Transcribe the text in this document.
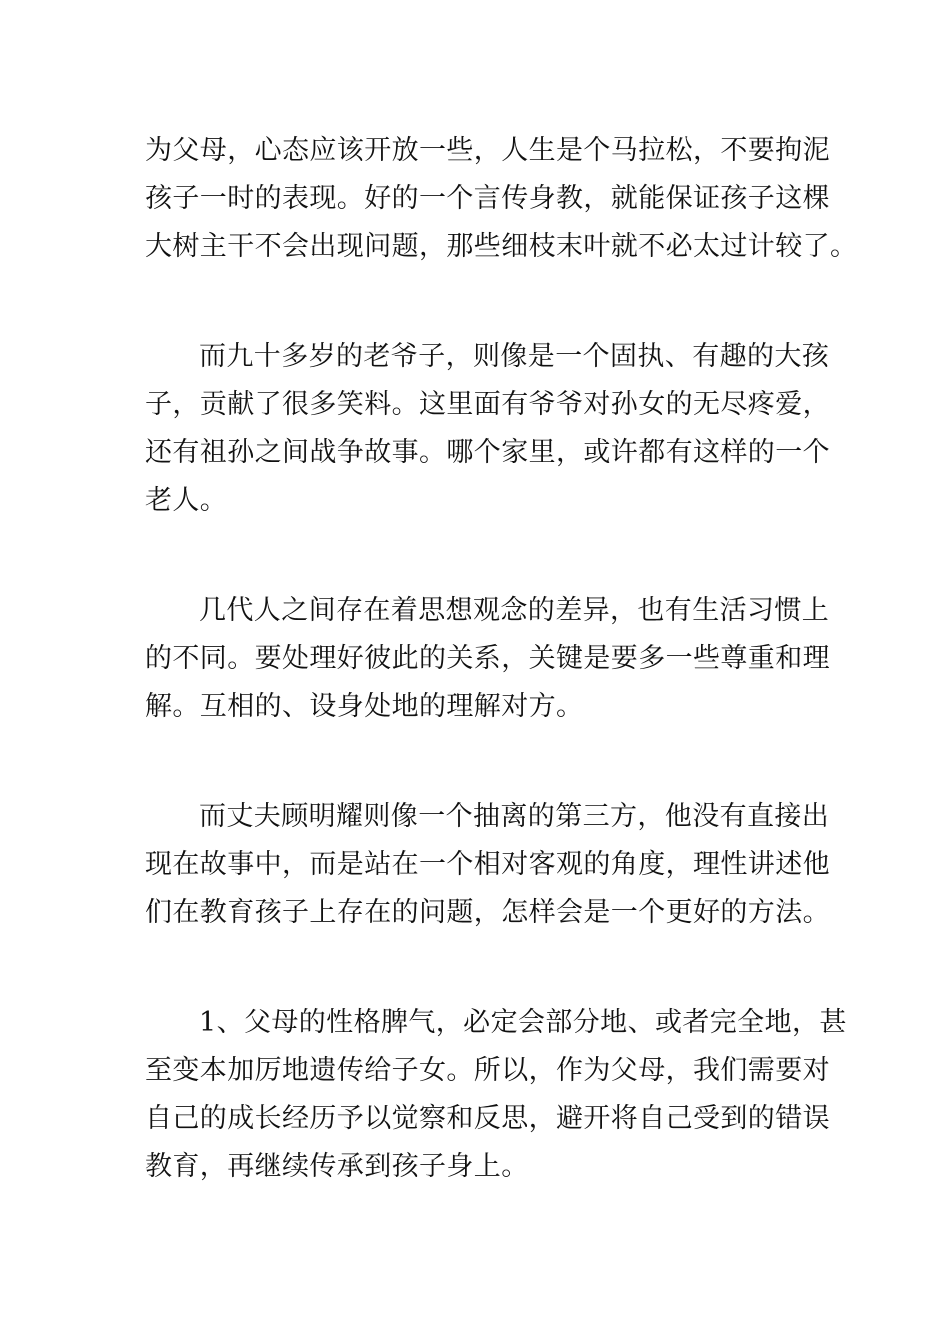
为父母，心态应该开放一些，人生是个马拉松，不要拘泥
孩子一时的表现。好的一个言传身教，就能保证孩子这棵
大树主干不会出现问题，那些细枝末叶就不必太过计较了。

而九十多岁的老爷子，则像是一个固执、有趣的大孩
子，贡献了很多笑料。这里面有爷爷对孙女的无尽疼爱，
还有祖孙之间战争故事。哪个家里，或许都有这样的一个
老人。

几代人之间存在着思想观念的差异，也有生活习惯上
的不同。要处理好彼此的关系，关键是要多一些尊重和理
解。互相的、设身处地的理解对方。

而丈夫顾明耀则像一个抽离的第三方，他没有直接出
现在故事中，而是站在一个相对客观的角度，理性讲述他
们在教育孩子上存在的问题，怎样会是一个更好的方法。

1、父母的性格脾气，必定会部分地、或者完全地，甚
至变本加厉地遗传给子女。所以，作为父母，我们需要对
自己的成长经历予以觉察和反思，避开将自己受到的错误
教育，再继续传承到孩子身上。
